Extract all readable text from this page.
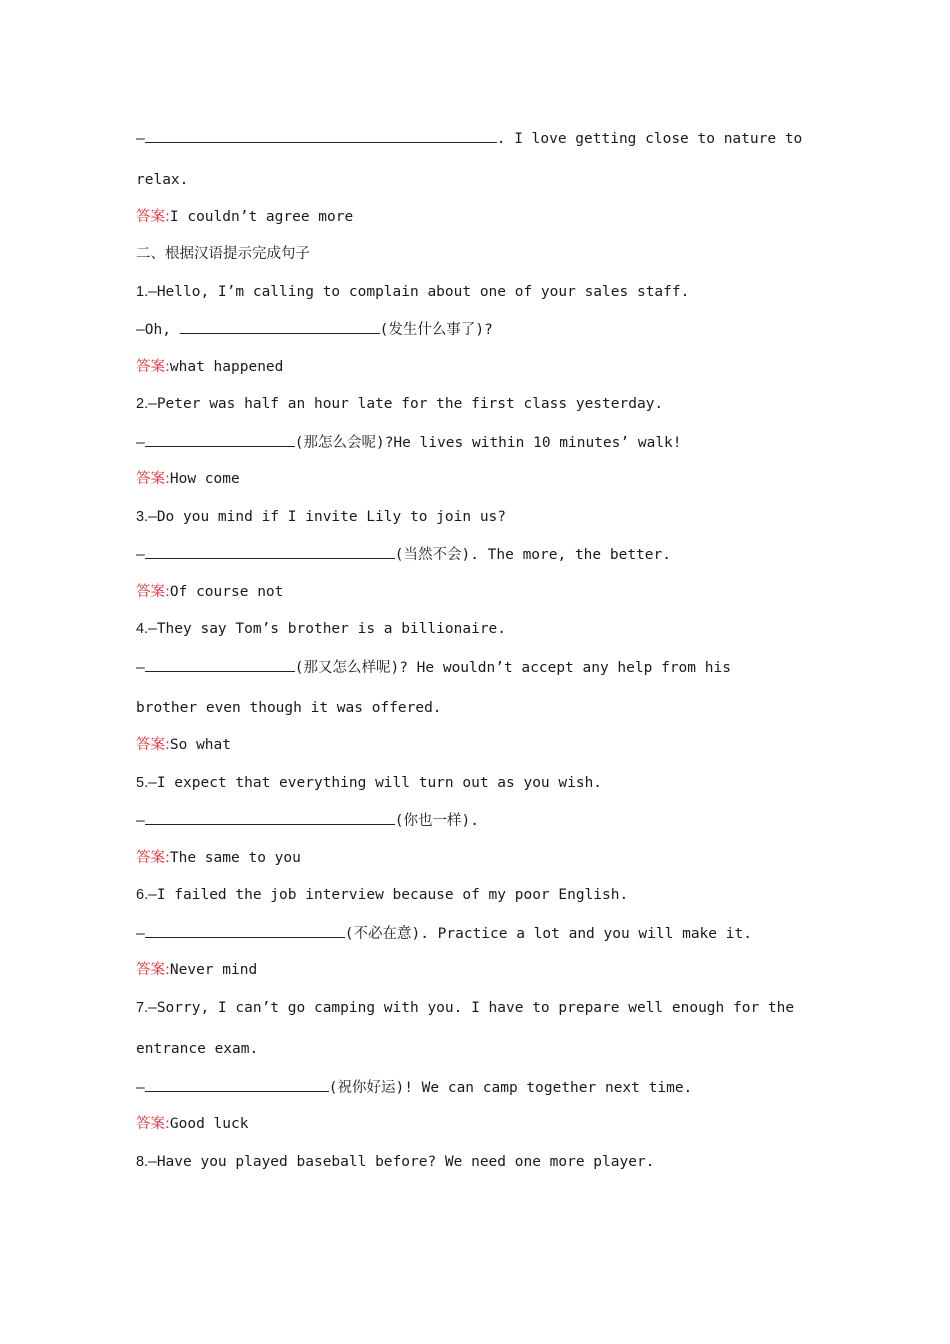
—	. I love getting close to nature to
relax.
答案:I couldn’t agree more
二、根据汉语提示完成句子
1.—Hello, I’m calling to complain about one of your sales staff.
—Oh,	(发生什么事了)?
答案:what happened
2.—Peter was half an hour late for the first class yesterday.
—	(那怎么会呢)?He lives within 10 minutes’ walk!
答案:How come
3.—Do you mind if I invite Lily to join us?
—	(当然不会). The more, the better.
答案:Of course not
4.—They say Tom’s brother is a billionaire.
—	(那又怎么样呢)? He wouldn’t accept any help from his
brother even though it was offered.
答案:So what
5.—I expect that everything will turn out as you wish.
—	(你也一样).
答案:The same to you
6.—I failed the job interview because of my poor English.
—	(不必在意). Practice a lot and you will make it.
答案:Never mind
7.—Sorry, I can’t go camping with you. I have to prepare well enough for the
entrance exam.
—	(祝你好运)! We can camp together next time.
答案:Good luck
8.—Have you played baseball before? We need one more player.
